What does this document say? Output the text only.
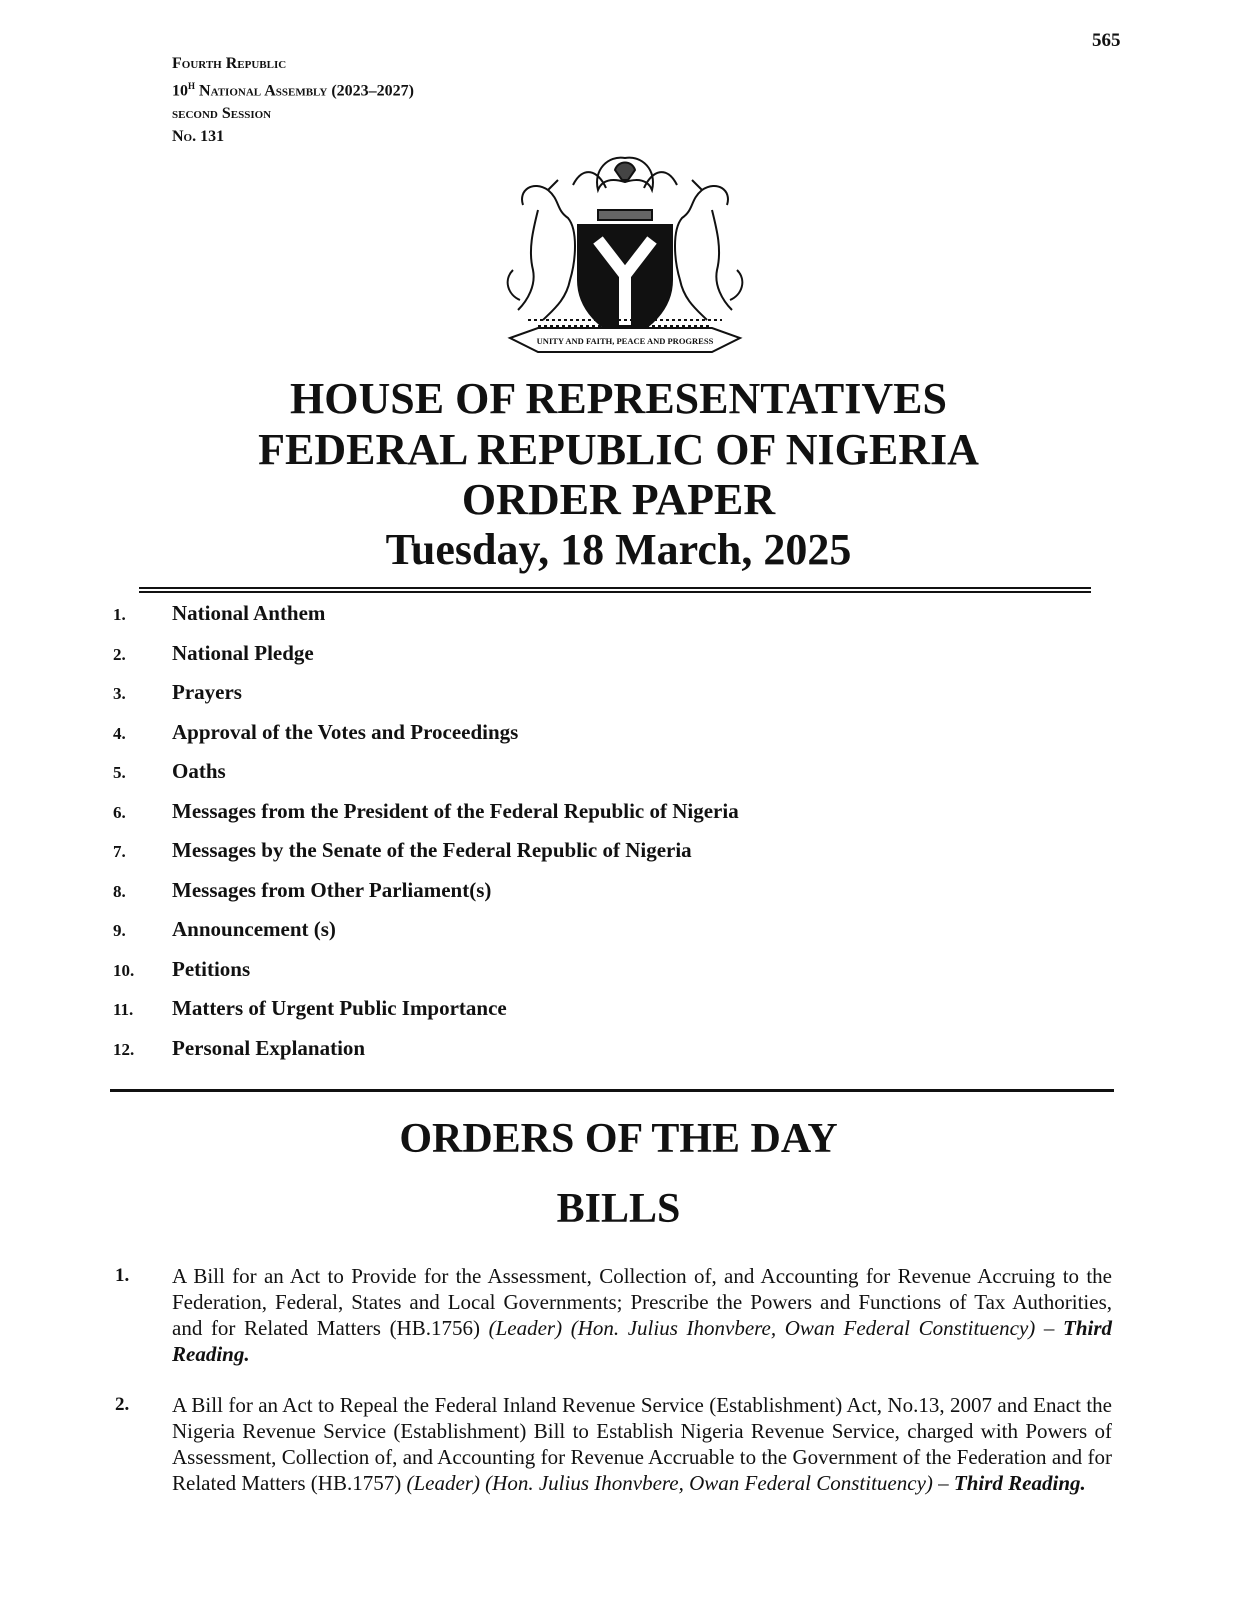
565
Fourth Republic
$10^H$ National Assembly (2023–2027)
second Session
No. 131
UNITY AND FAITH, PEACE AND PROGRESS
HOUSE OF REPRESENTATIVES
FEDERAL REPUBLIC OF NIGERIA
ORDER PAPER
Tuesday, 18 March, 2025
1. National Anthem
2. National Pledge
3. Prayers
4. Approval of the Votes and Proceedings
5. Oaths
6. Messages from the President of the Federal Republic of Nigeria
7. Messages by the Senate of the Federal Republic of Nigeria
8. Messages from Other Parliament(s)
9. Announcement (s)
10. Petitions
11. Matters of Urgent Public Importance
12. Personal Explanation
ORDERS OF THE DAY
BILLS
1. A Bill for an Act to Provide for the Assessment, Collection of, and Accounting for Revenue Accruing to the Federation, Federal, States and Local Governments; Prescribe the Powers and Functions of Tax Authorities, and for Related Matters (HB.1756) (Leader) (Hon. Julius Ihonvbere, Owan Federal Constituency) – Third Reading.
2. A Bill for an Act to Repeal the Federal Inland Revenue Service (Establishment) Act, No.13, 2007 and Enact the Nigeria Revenue Service (Establishment) Bill to Establish Nigeria Revenue Service, charged with Powers of Assessment, Collection of, and Accounting for Revenue Accruable to the Government of the Federation and for Related Matters (HB.1757) (Leader) (Hon. Julius Ihonvbere, Owan Federal Constituency) – Third Reading.
